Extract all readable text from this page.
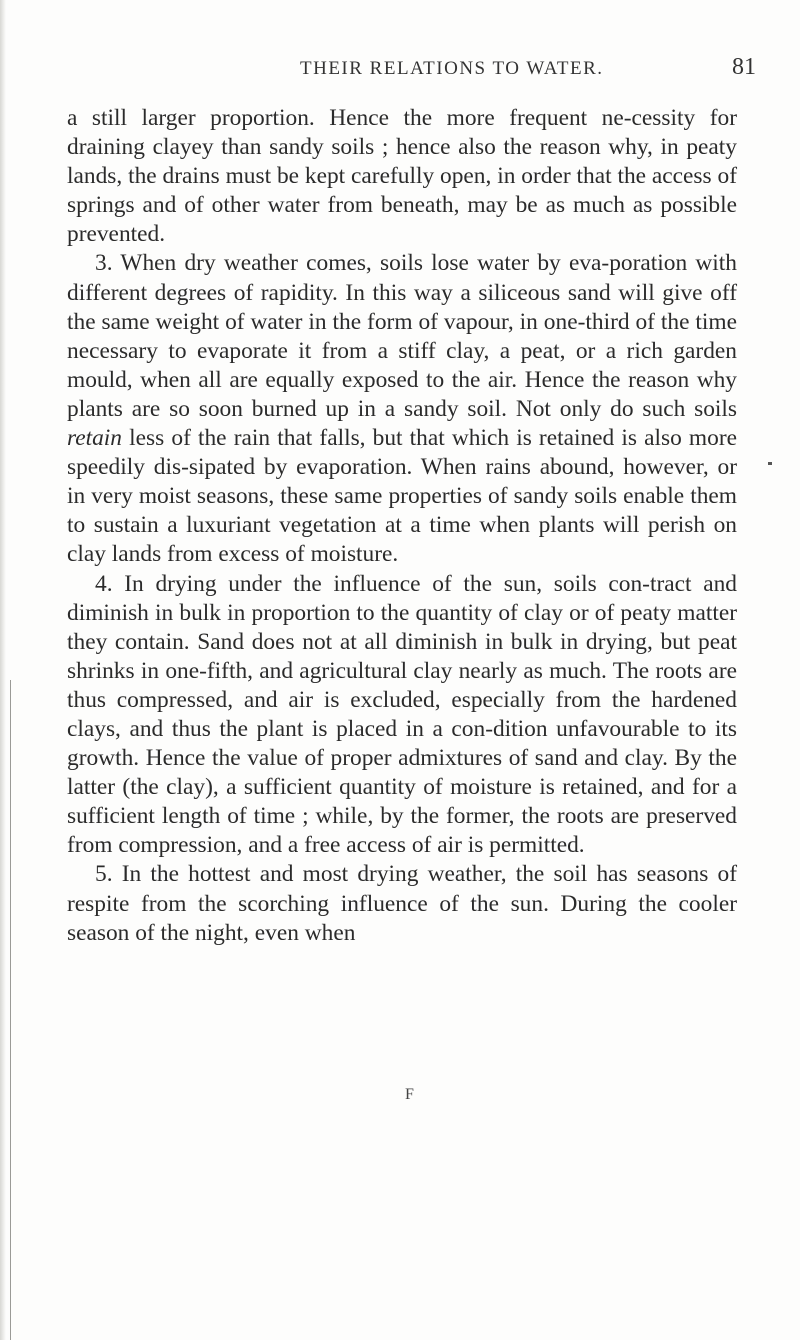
THEIR RELATIONS TO WATER.	81

a still larger proportion. Hence the more frequent ne-cessity for draining clayey than sandy soils ; hence also the reason why, in peaty lands, the drains must be kept carefully open, in order that the access of springs and of other water from beneath, may be as much as possible prevented.

3. When dry weather comes, soils lose water by eva-poration with different degrees of rapidity. In this way a siliceous sand will give off the same weight of water in the form of vapour, in one-third of the time necessary to evaporate it from a stiff clay, a peat, or a rich garden mould, when all are equally exposed to the air. Hence the reason why plants are so soon burned up in a sandy soil. Not only do such soils retain less of the rain that falls, but that which is retained is also more speedily dis-sipated by evaporation. When rains abound, however, or in very moist seasons, these same properties of sandy soils enable them to sustain a luxuriant vegetation at a time when plants will perish on clay lands from excess of moisture.

4. In drying under the influence of the sun, soils con-tract and diminish in bulk in proportion to the quantity of clay or of peaty matter they contain. Sand does not at all diminish in bulk in drying, but peat shrinks in one-fifth, and agricultural clay nearly as much. The roots are thus compressed, and air is excluded, especially from the hardened clays, and thus the plant is placed in a con-dition unfavourable to its growth. Hence the value of proper admixtures of sand and clay. By the latter (the clay), a sufficient quantity of moisture is retained, and for a sufficient length of time ; while, by the former, the roots are preserved from compression, and a free access of air is permitted.

5. In the hottest and most drying weather, the soil has seasons of respite from the scorching influence of the sun. During the cooler season of the night, even when

F
